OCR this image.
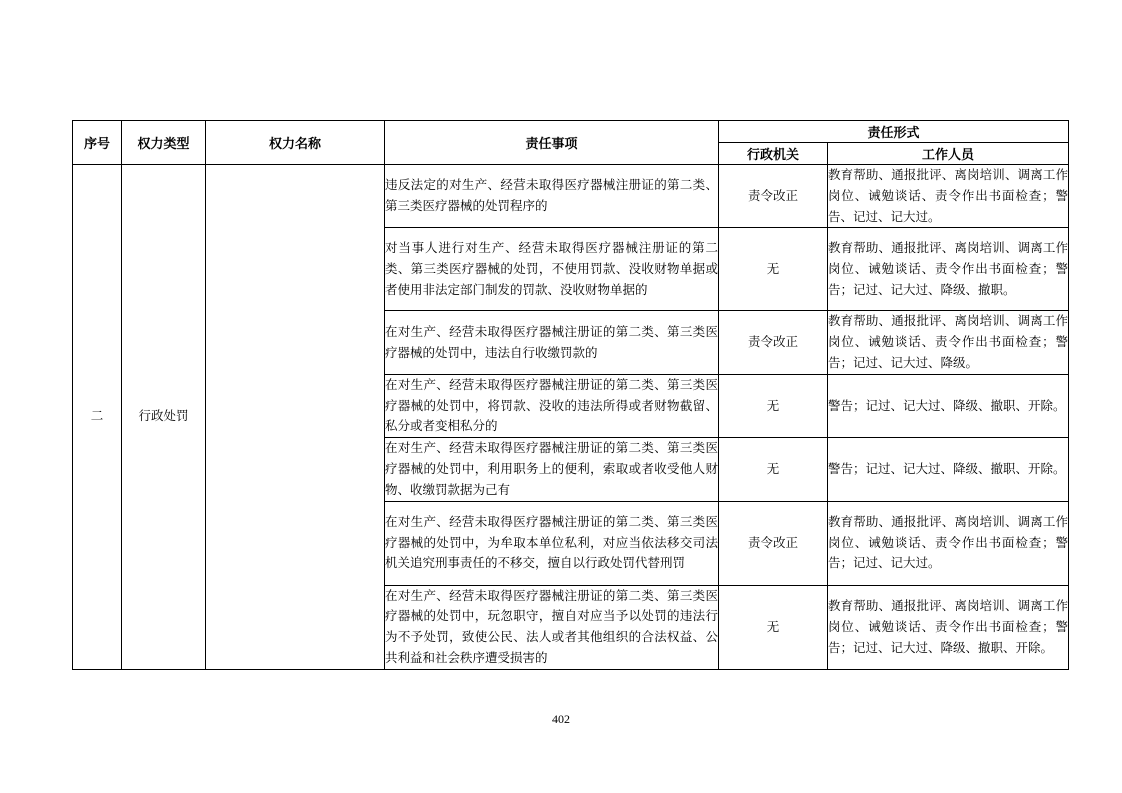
序号	权力类型	权力名称	责任事项	责任形式	
				行政机关	工作人员
二	行政处罚		违反法定的对生产、经营未取得医疗器械注册证的第二类、第三类医疗器械的处罚程序的	责令改正	教育帮助、通报批评、离岗培训、调离工作岗位、诫勉谈话、责令作出书面检查；警告、记过、记大过。
			对当事人进行对生产、经营未取得医疗器械注册证的第二类、第三类医疗器械的处罚，不使用罚款、没收财物单据或者使用非法定部门制发的罚款、没收财物单据的	无	教育帮助、通报批评、离岗培训、调离工作岗位、诫勉谈话、责令作出书面检查；警告；记过、记大过、降级、撤职。
			在对生产、经营未取得医疗器械注册证的第二类、第三类医疗器械的处罚中，违法自行收缴罚款的	责令改正	教育帮助、通报批评、离岗培训、调离工作岗位、诫勉谈话、责令作出书面检查；警告；记过、记大过、降级。
			在对生产、经营未取得医疗器械注册证的第二类、第三类医疗器械的处罚中，将罚款、没收的违法所得或者财物截留、私分或者变相私分的	无	警告；记过、记大过、降级、撤职、开除。
			在对生产、经营未取得医疗器械注册证的第二类、第三类医疗器械的处罚中，利用职务上的便利，索取或者收受他人财物、收缴罚款据为己有	无	警告；记过、记大过、降级、撤职、开除。
			在对生产、经营未取得医疗器械注册证的第二类、第三类医疗器械的处罚中，为牟取本单位私利，对应当依法移交司法机关追究刑事责任的不移交，擅自以行政处罚代替刑罚	责令改正	教育帮助、通报批评、离岗培训、调离工作岗位、诫勉谈话、责令作出书面检查；警告；记过、记大过。
			在对生产、经营未取得医疗器械注册证的第二类、第三类医疗器械的处罚中，玩忽职守，擅自对应当予以处罚的违法行为不予处罚，致使公民、法人或者其他组织的合法权益、公共利益和社会秩序遭受损害的	无	教育帮助、通报批评、离岗培训、调离工作岗位、诫勉谈话、责令作出书面检查；警告；记过、记大过、降级、撤职、开除。
402
